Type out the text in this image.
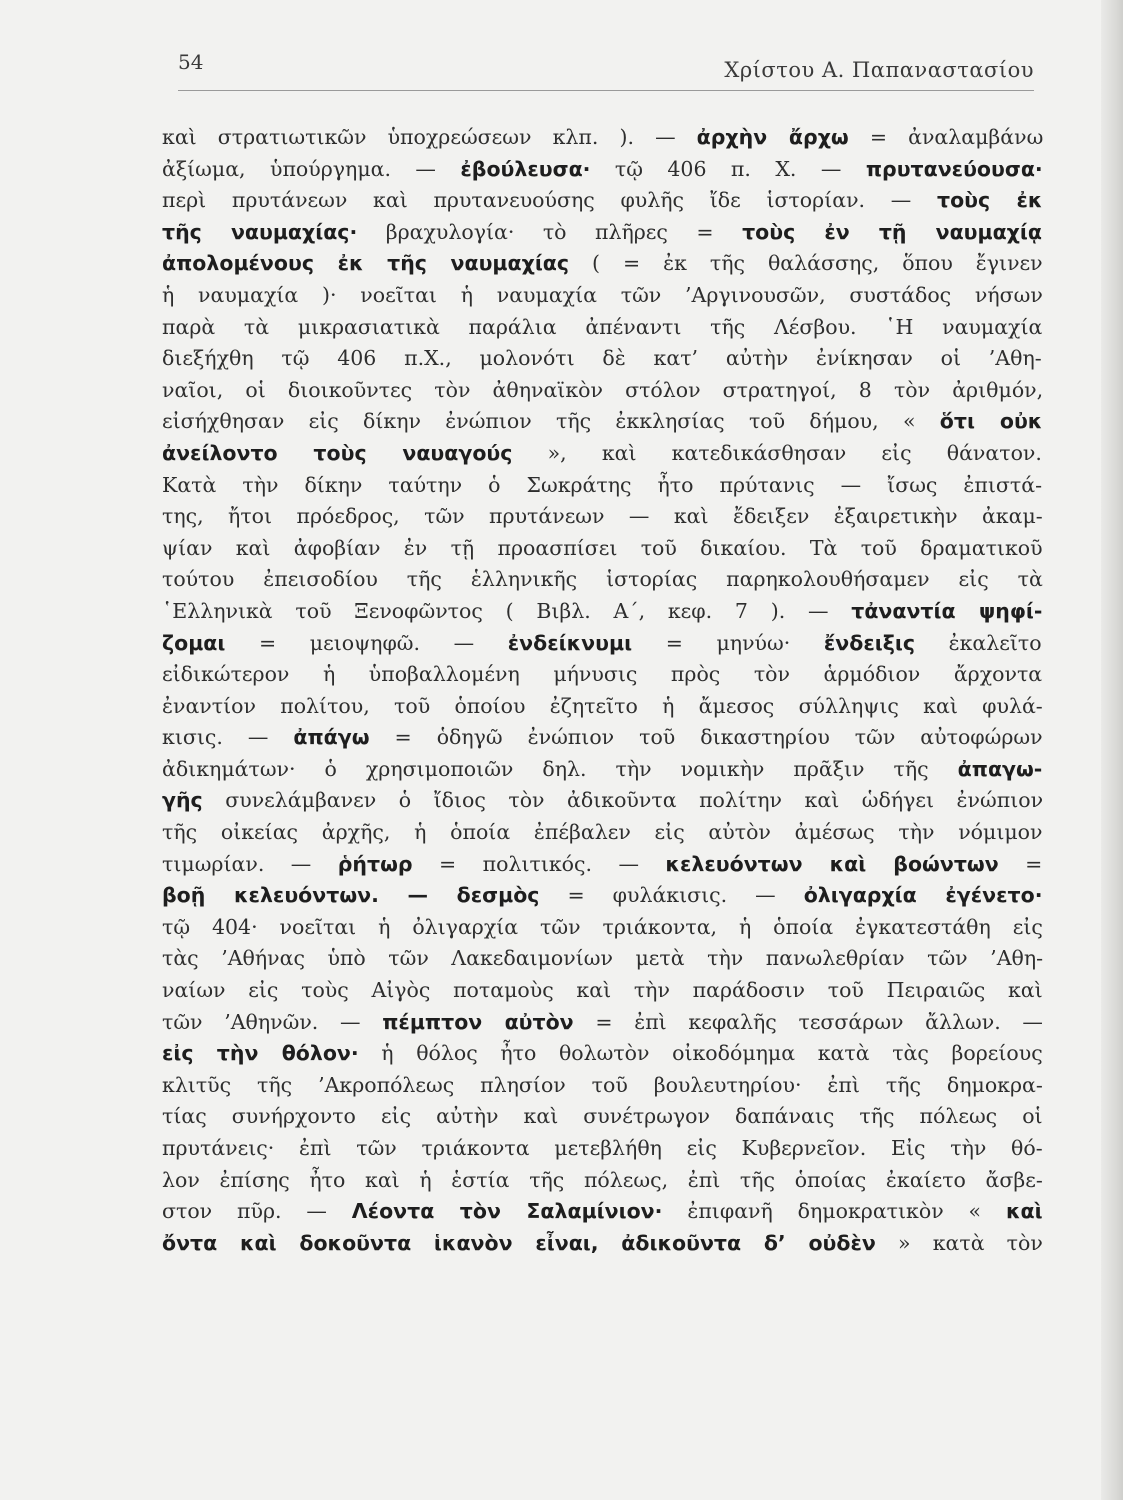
54	Χρίστου Α. Παπαναστασίου
καὶ στρατιωτικῶν ὑποχρεώσεων κλπ. ). — ἀρχὴν ἄρχω = ἀναλαμβάνω
ἀξίωμα, ὑπούργημα. — ἐβούλευσα· τῷ 406 π. Χ. — πρυτανεύουσα·
περὶ πρυτάνεων καὶ πρυτανευούσης φυλῆς ἴδε ἱστορίαν. — τοὺς ἐκ
τῆς ναυμαχίας· βραχυλογία· τὸ πλῆρες = τοὺς ἐν τῇ ναυμαχίᾳ
ἀπολομένους ἐκ τῆς ναυμαχίας ( = ἐκ τῆς θαλάσσης, ὅπου ἔγινεν
ἡ ναυμαχία )· νοεῖται ἡ ναυμαχία τῶν ’Αργινουσῶν, συστάδος νήσων
παρὰ τὰ μικρασιατικὰ παράλια ἀπέναντι τῆς Λέσβου. ῾Η ναυμαχία
διεξήχθη τῷ 406 π.Χ., μολονότι δὲ κατ’ αὐτὴν ἐνίκησαν οἱ ’Αθη-
ναῖοι, οἱ διοικοῦντες τὸν ἀθηναϊκὸν στόλον στρατηγοί, 8 τὸν ἀριθμόν,
εἰσήχθησαν εἰς δίκην ἐνώπιον τῆς ἐκκλησίας τοῦ δήμου, « ὅτι οὐκ
ἀνείλοντο τοὺς ναυαγούς », καὶ κατεδικάσθησαν εἰς θάνατον.
Κατὰ τὴν δίκην ταύτην ὁ Σωκράτης ἦτο πρύτανις — ἴσως ἐπιστά-
της, ἤτοι πρόεδρος, τῶν πρυτάνεων — καὶ ἔδειξεν ἐξαιρετικὴν ἀκαμ-
ψίαν καὶ ἀφοβίαν ἐν τῇ προασπίσει τοῦ δικαίου. Τὰ τοῦ δραματικοῦ
τούτου ἐπεισοδίου τῆς ἑλληνικῆς ἱστορίας παρηκολουθήσαμεν εἰς τὰ
῾Ελληνικὰ τοῦ Ξενοφῶντος ( Βιβλ. Α΄, κεφ. 7 ). — τἀναντία ψηφί-
ζομαι = μειοψηφῶ. — ἐνδείκνυμι = μηνύω· ἔνδειξις ἐκαλεῖτο
εἰδικώτερον ἡ ὑποβαλλομένη μήνυσις πρὸς τὸν ἁρμόδιον ἄρχοντα
ἐναντίον πολίτου, τοῦ ὁποίου ἐζητεῖτο ἡ ἄμεσος σύλληψις καὶ φυλά-
κισις. — ἀπάγω = ὁδηγῶ ἐνώπιον τοῦ δικαστηρίου τῶν αὐτοφώρων
ἀδικημάτων· ὁ χρησιμοποιῶν δηλ. τὴν νομικὴν πρᾶξιν τῆς ἀπαγω-
γῆς συνελάμβανεν ὁ ἴδιος τὸν ἀδικοῦντα πολίτην καὶ ὡδήγει ἐνώπιον
τῆς οἰκείας ἀρχῆς, ἡ ὁποία ἐπέβαλεν εἰς αὐτὸν ἀμέσως τὴν νόμιμον
τιμωρίαν. — ῥήτωρ = πολιτικός. — κελευόντων καὶ βοώντων =
βοῇ κελευόντων. — δεσμὸς = φυλάκισις. — ὀλιγαρχία ἐγένετο·
τῷ 404· νοεῖται ἡ ὀλιγαρχία τῶν τριάκοντα, ἡ ὁποία ἐγκατεστάθη εἰς
τὰς ’Αθήνας ὑπὸ τῶν Λακεδαιμονίων μετὰ τὴν πανωλεθρίαν τῶν ’Αθη-
ναίων εἰς τοὺς Αἰγὸς ποταμοὺς καὶ τὴν παράδοσιν τοῦ Πειραιῶς καὶ
τῶν ’Αθηνῶν. — πέμπτον αὐτὸν = ἐπὶ κεφαλῆς τεσσάρων ἄλλων. —
εἰς τὴν θόλον· ἡ θόλος ἦτο θολωτὸν οἰκοδόμημα κατὰ τὰς βορείους
κλιτῦς τῆς ’Ακροπόλεως πλησίον τοῦ βουλευτηρίου· ἐπὶ τῆς δημοκρα-
τίας συνήρχοντο εἰς αὐτὴν καὶ συνέτρωγον δαπάναις τῆς πόλεως οἱ
πρυτάνεις· ἐπὶ τῶν τριάκοντα μετεβλήθη εἰς Κυβερνεῖον. Εἰς τὴν θό-
λον ἐπίσης ἦτο καὶ ἡ ἑστία τῆς πόλεως, ἐπὶ τῆς ὁποίας ἐκαίετο ἄσβε-
στον πῦρ. — Λέοντα τὸν Σαλαμίνιον· ἐπιφανῆ δημοκρατικὸν « καὶ
ὄντα καὶ δοκοῦντα ἱκανὸν εἶναι, ἀδικοῦντα δ’ οὐδὲν » κατὰ τὸν
